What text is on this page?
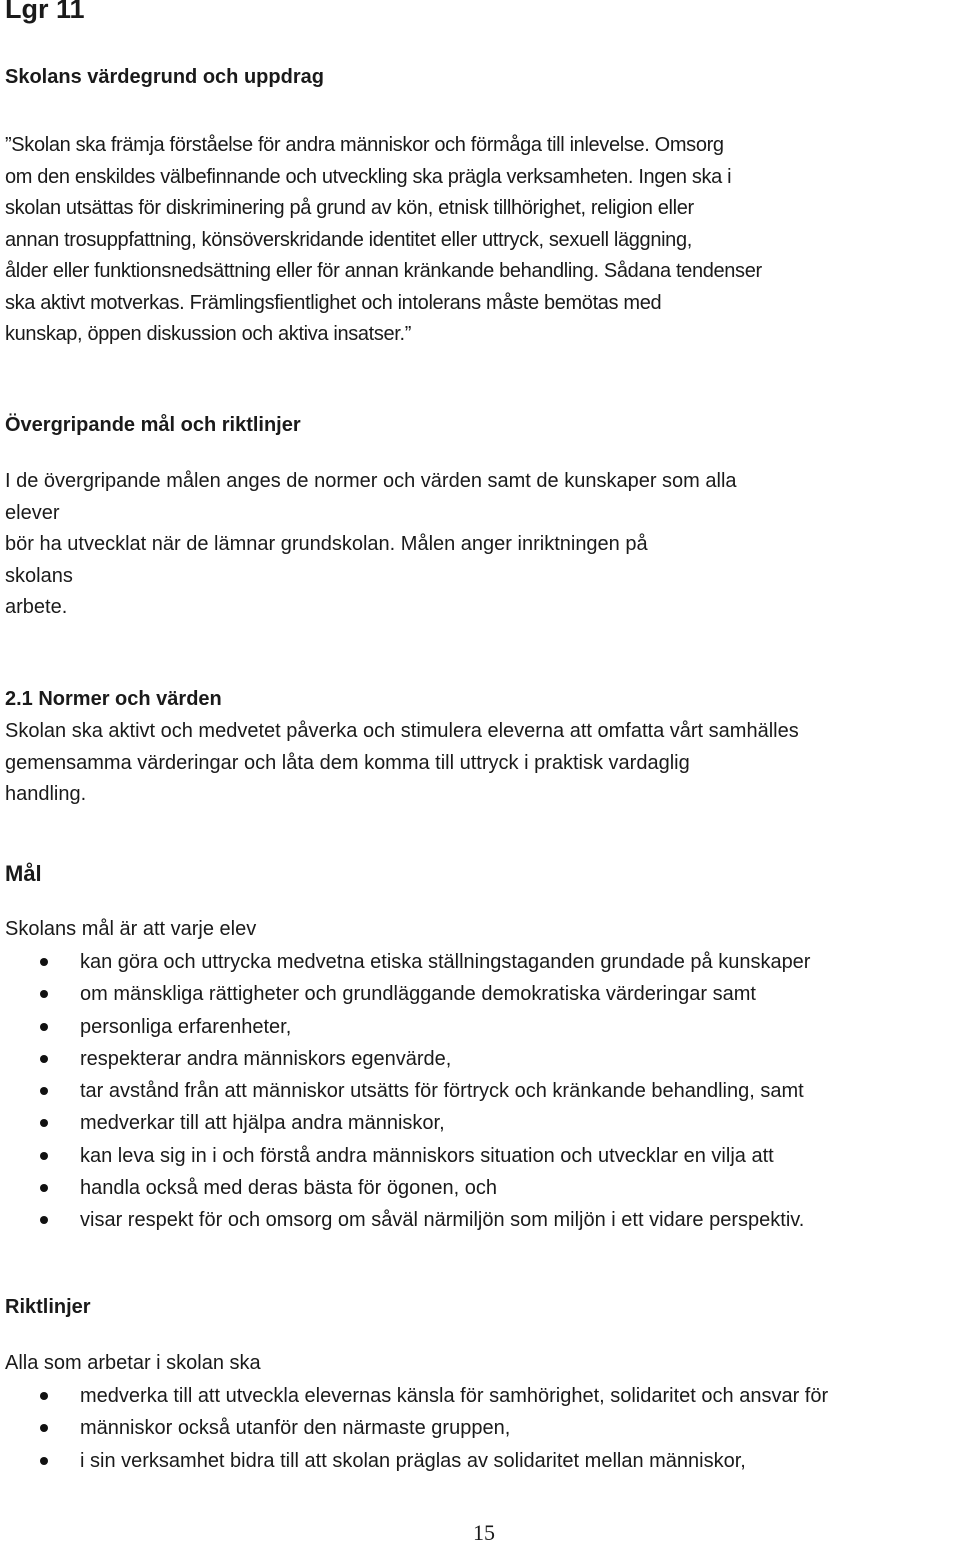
Lgr 11
Skolans värdegrund och uppdrag
”Skolan ska främja förståelse för andra människor och förmåga till inlevelse. Omsorg
om den enskildes välbefinnande och utveckling ska prägla verksamheten. Ingen ska i
skolan utsättas för diskriminering på grund av kön, etnisk tillhörighet, religion eller
annan trosuppfattning, könsöverskridande identitet eller uttryck, sexuell läggning,
ålder eller funktionsnedsättning eller för annan kränkande behandling. Sådana tendenser
ska aktivt motverkas. Främlingsfientlighet och intolerans måste bemötas med
kunskap, öppen diskussion och aktiva insatser.”
Övergripande mål och riktlinjer
I de övergripande målen anges de normer och värden samt de kunskaper som alla
elever
bör ha utvecklat när de lämnar grundskolan. Målen anger inriktningen på
skolans
arbete.
2.1 Normer och värden
Skolan ska aktivt och medvetet påverka och stimulera eleverna att omfatta vårt samhälles
gemensamma värderingar och låta dem komma till uttryck i praktisk vardaglig
handling.
Mål
Skolans mål är att varje elev
kan göra och uttrycka medvetna etiska ställningstaganden grundade på kunskaper
om mänskliga rättigheter och grundläggande demokratiska värderingar samt
personliga erfarenheter,
respekterar andra människors egenvärde,
tar avstånd från att människor utsätts för förtryck och kränkande behandling, samt
medverkar till att hjälpa andra människor,
kan leva sig in i och förstå andra människors situation och utvecklar en vilja att
handla också med deras bästa för ögonen, och
visar respekt för och omsorg om såväl närmiljön som miljön i ett vidare perspektiv.
Riktlinjer
Alla som arbetar i skolan ska
medverka till att utveckla elevernas känsla för samhörighet, solidaritet och ansvar för
människor också utanför den närmaste gruppen,
i sin verksamhet bidra till att skolan präglas av solidaritet mellan människor,
15
